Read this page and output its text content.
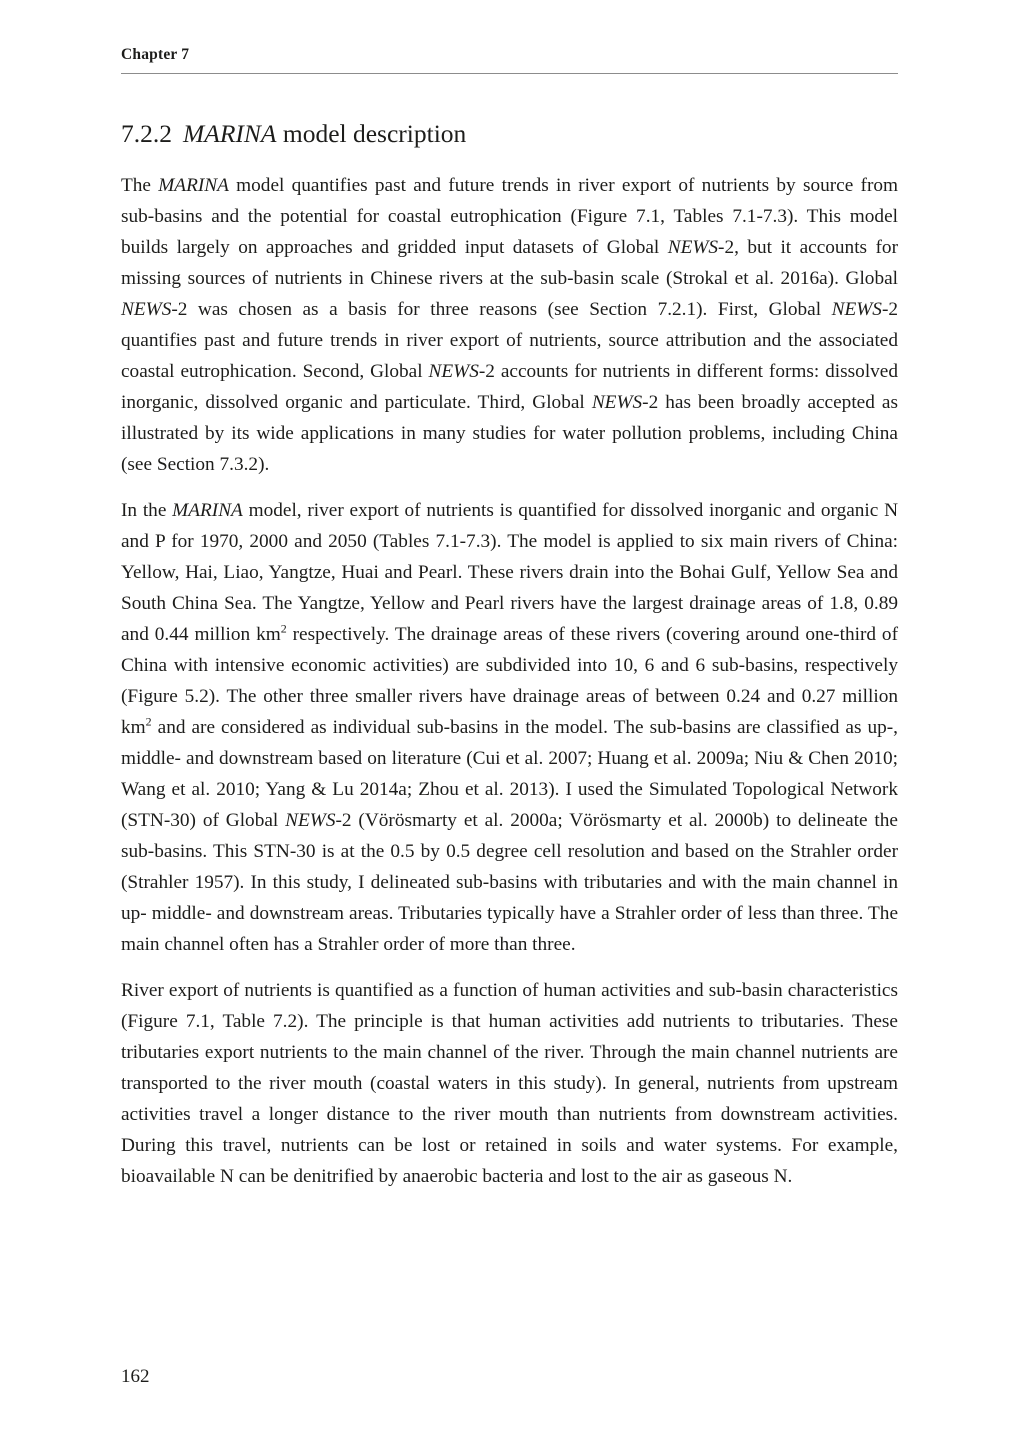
Chapter 7
7.2.2 MARINA model description

The MARINA model quantifies past and future trends in river export of nutrients by source from sub-basins and the potential for coastal eutrophication (Figure 7.1, Tables 7.1-7.3). This model builds largely on approaches and gridded input datasets of Global NEWS-2, but it accounts for missing sources of nutrients in Chinese rivers at the sub-basin scale (Strokal et al. 2016a). Global NEWS-2 was chosen as a basis for three reasons (see Section 7.2.1). First, Global NEWS-2 quantifies past and future trends in river export of nutrients, source attribution and the associated coastal eutrophication. Second, Global NEWS-2 accounts for nutrients in different forms: dissolved inorganic, dissolved organic and particulate. Third, Global NEWS-2 has been broadly accepted as illustrated by its wide applications in many studies for water pollution problems, including China (see Section 7.3.2).

In the MARINA model, river export of nutrients is quantified for dissolved inorganic and organic N and P for 1970, 2000 and 2050 (Tables 7.1-7.3). The model is applied to six main rivers of China: Yellow, Hai, Liao, Yangtze, Huai and Pearl. These rivers drain into the Bohai Gulf, Yellow Sea and South China Sea. The Yangtze, Yellow and Pearl rivers have the largest drainage areas of 1.8, 0.89 and 0.44 million $km^2$ respectively. The drainage areas of these rivers (covering around one-third of China with intensive economic activities) are subdivided into 10, 6 and 6 sub-basins, respectively (Figure 5.2). The other three smaller rivers have drainage areas of between 0.24 and 0.27 million $km^2$ and are considered as individual sub-basins in the model. The sub-basins are classified as up-, middle- and downstream based on literature (Cui et al. 2007; Huang et al. 2009a; Niu & Chen 2010; Wang et al. 2010; Yang & Lu 2014a; Zhou et al. 2013). I used the Simulated Topological Network (STN-30) of Global NEWS-2 (Vörösmarty et al. 2000a; Vörösmarty et al. 2000b) to delineate the sub-basins. This STN-30 is at the 0.5 by 0.5 degree cell resolution and based on the Strahler order (Strahler 1957). In this study, I delineated sub-basins with tributaries and with the main channel in up- middle- and downstream areas. Tributaries typically have a Strahler order of less than three. The main channel often has a Strahler order of more than three.

River export of nutrients is quantified as a function of human activities and sub-basin characteristics (Figure 7.1, Table 7.2). The principle is that human activities add nutrients to tributaries. These tributaries export nutrients to the main channel of the river. Through the main channel nutrients are transported to the river mouth (coastal waters in this study). In general, nutrients from upstream activities travel a longer distance to the river mouth than nutrients from downstream activities. During this travel, nutrients can be lost or retained in soils and water systems. For example, bioavailable N can be denitrified by anaerobic bacteria and lost to the air as gaseous N.

162
